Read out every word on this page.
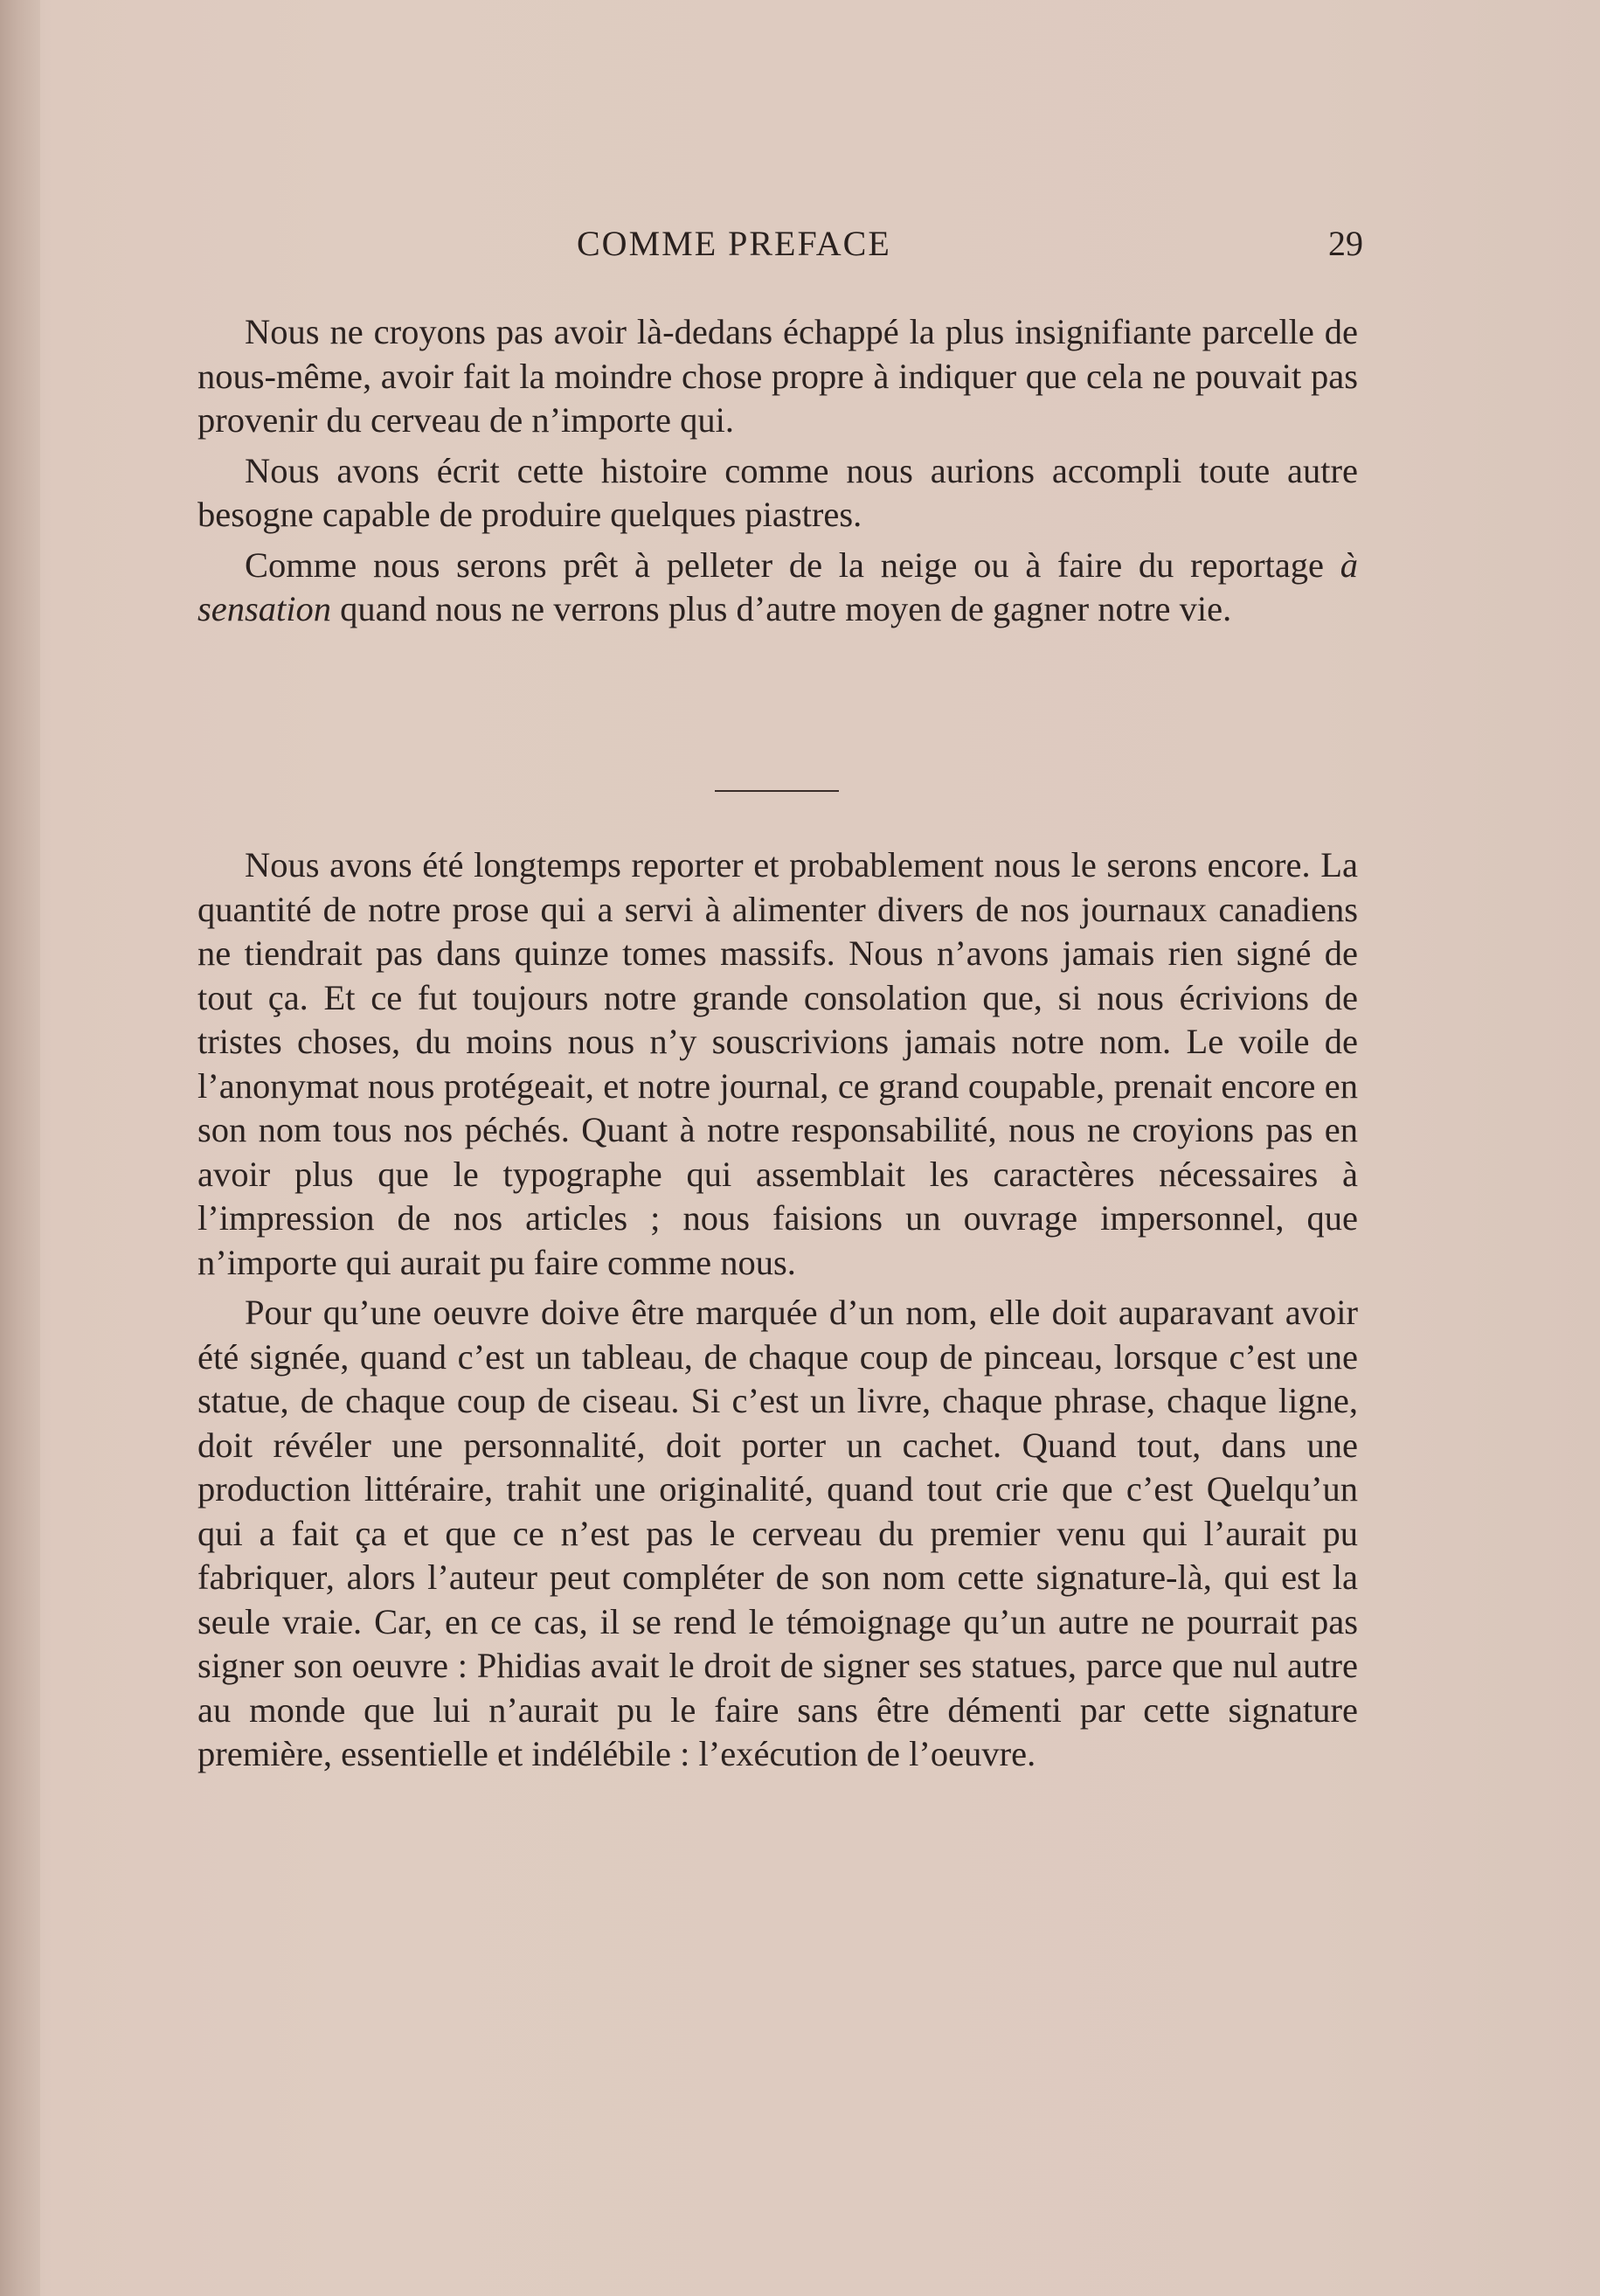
COMME PREFACE	29

Nous ne croyons pas avoir là-dedans échappé la plus insignifiante parcelle de nous-même, avoir fait la moindre chose propre à indiquer que cela ne pouvait pas provenir du cerveau de n’importe qui.

Nous avons écrit cette histoire comme nous aurions accompli toute autre besogne capable de produire quelques piastres.

Comme nous serons prêt à pelleter de la neige ou à faire du reportage à sensation quand nous ne verrons plus d’autre moyen de gagner notre vie.

Nous avons été longtemps reporter et probablement nous le serons encore. La quantité de notre prose qui a servi à alimenter divers de nos journaux canadiens ne tiendrait pas dans quinze tomes massifs. Nous n’avons jamais rien signé de tout ça. Et ce fut toujours notre grande consolation que, si nous écrivions de tristes choses, du moins nous n’y souscrivions jamais notre nom. Le voile de l’anonymat nous protégeait, et notre journal, ce grand coupable, prenait encore en son nom tous nos péchés. Quant à notre responsabilité, nous ne croyions pas en avoir plus que le typographe qui assemblait les caractères nécessaires à l’impression de nos articles ; nous faisions un ouvrage impersonnel, que n’importe qui aurait pu faire comme nous.

Pour qu’une oeuvre doive être marquée d’un nom, elle doit auparavant avoir été signée, quand c’est un tableau, de chaque coup de pinceau, lorsque c’est une statue, de chaque coup de ciseau. Si c’est un livre, chaque phrase, chaque ligne, doit révéler une personnalité, doit porter un cachet. Quand tout, dans une production littéraire, trahit une originalité, quand tout crie que c’est Quelqu’un qui a fait ça et que ce n’est pas le cerveau du premier venu qui l’aurait pu fabriquer, alors l’auteur peut compléter de son nom cette signature-là, qui est la seule vraie. Car, en ce cas, il se rend le témoignage qu’un autre ne pourrait pas signer son oeuvre : Phidias avait le droit de signer ses statues, parce que nul autre au monde que lui n’aurait pu le faire sans être démenti par cette signature première, essentielle et indélébile : l’exécution de l’oeuvre.
